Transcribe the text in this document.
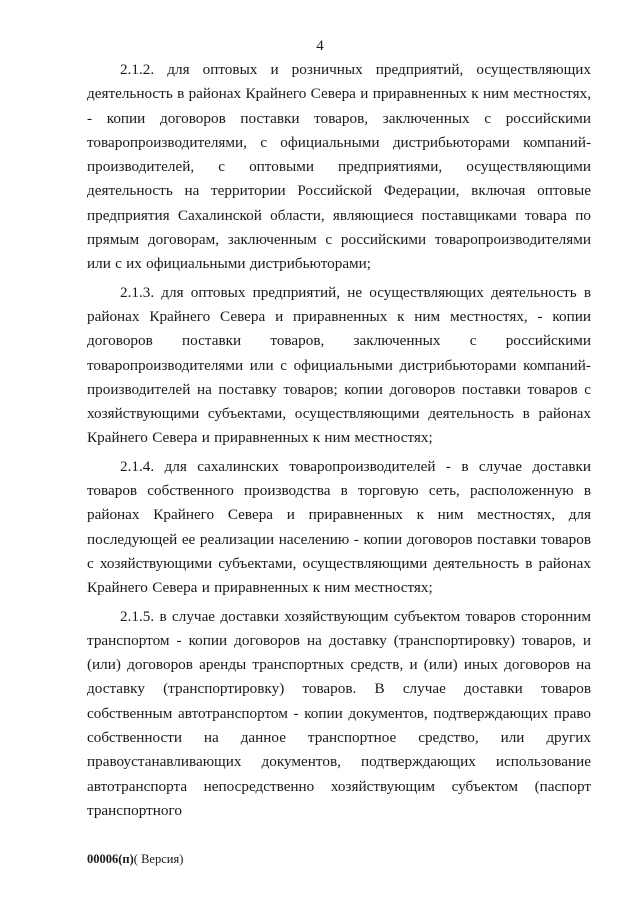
4

2.1.2. для оптовых и розничных предприятий, осуществляющих деятельность в районах Крайнего Севера и приравненных к ним местностях, - копии договоров поставки товаров, заключенных с российскими товаропроизводителями, с официальными дистрибьюторами компаний-производителей, с оптовыми предприятиями, осуществляющими деятельность на территории Российской Федерации, включая оптовые предприятия Сахалинской области, являющиеся поставщиками товара по прямым договорам, заключенным с российскими товаропроизводителями или с их официальными дистрибьюторами;

2.1.3. для оптовых предприятий, не осуществляющих деятельность в районах Крайнего Севера и приравненных к ним местностях, - копии договоров поставки товаров, заключенных с российскими товаропроизводителями или с официальными дистрибьюторами компаний-производителей на поставку товаров; копии договоров поставки товаров с хозяйствующими субъектами, осуществляющими деятельность в районах Крайнего Севера и приравненных к ним местностях;

2.1.4. для сахалинских товаропроизводителей - в случае доставки товаров собственного производства в торговую сеть, расположенную в районах Крайнего Севера и приравненных к ним местностях, для последующей ее реализации населению - копии договоров поставки товаров с хозяйствующими субъектами, осуществляющими деятельность в районах Крайнего Севера и приравненных к ним местностях;

2.1.5. в случае доставки хозяйствующим субъектом товаров сторонним транспортом - копии договоров на доставку (транспортировку) товаров, и (или) договоров аренды транспортных средств, и (или) иных договоров на доставку (транспортировку) товаров. В случае доставки товаров собственным автотранспортом - копии документов, подтверждающих право собственности на данное транспортное средство, или других правоустанавливающих документов, подтверждающих использование автотранспорта непосредственно хозяйствующим субъектом (паспорт транспортного

00006(п)( Версия)
